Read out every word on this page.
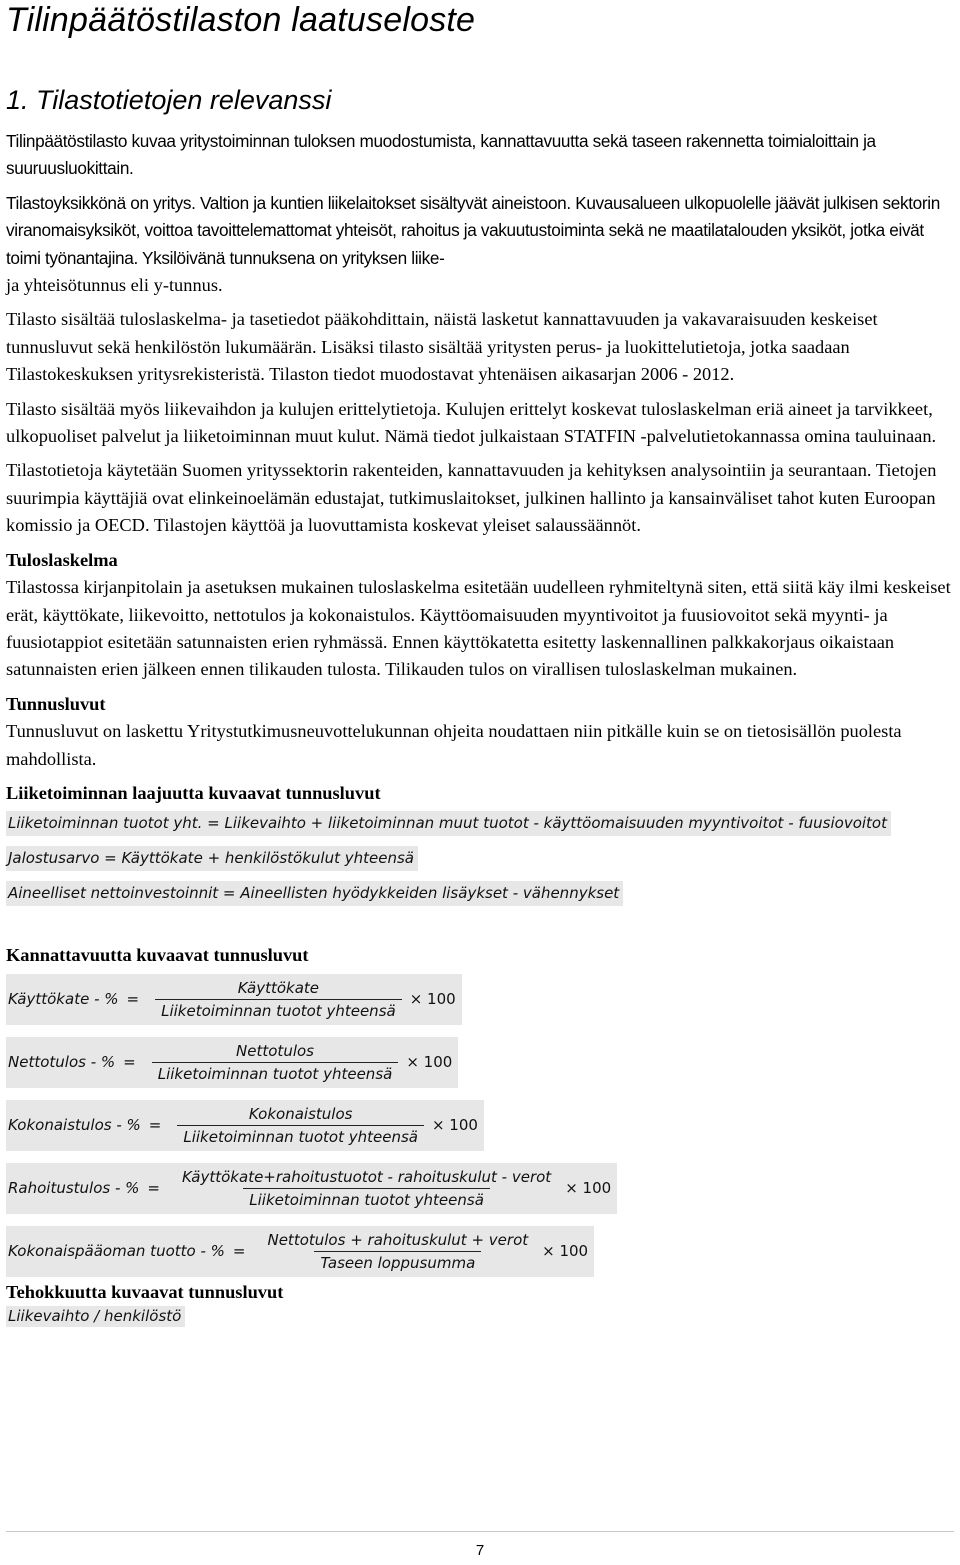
Tilinpäätöstilaston laatuseloste
1. Tilastotietojen relevanssi

Tilinpäätöstilasto kuvaa yritystoiminnan tuloksen muodostumista, kannattavuutta sekä taseen rakennetta toimialoittain ja suuruusluokittain.

Tilastoyksikkönä on yritys. Valtion ja kuntien liikelaitokset sisältyvät aineistoon. Kuvausalueen ulkopuolelle jäävät julkisen sektorin viranomaisyksiköt, voittoa tavoittelemattomat yhteisöt, rahoitus ja vakuutustoiminta sekä ne maatilatalouden yksiköt, jotka eivät toimi työnantajina. Yksilöivänä tunnuksena on yrityksen liike-
ja yhteisötunnus eli y-tunnus.

Tilasto sisältää tuloslaskelma- ja tasetiedot pääkohdittain, näistä lasketut kannattavuuden ja vakavaraisuuden keskeiset tunnusluvut sekä henkilöstön lukumäärän. Lisäksi tilasto sisältää yritysten perus- ja luokittelutietoja, jotka saadaan Tilastokeskuksen yritysrekisteristä. Tilaston tiedot muodostavat yhtenäisen aikasarjan 2006 - 2012.

Tilasto sisältää myös liikevaihdon ja kulujen erittelytietoja. Kulujen erittelyt koskevat tuloslaskelman eriä aineet ja tarvikkeet, ulkopuoliset palvelut ja liiketoiminnan muut kulut. Nämä tiedot julkaistaan STATFIN -palvelutietokannassa omina tauluinaan.

Tilastotietoja käytetään Suomen yrityssektorin rakenteiden, kannattavuuden ja kehityksen analysointiin ja seurantaan. Tietojen suurimpia käyttäjiä ovat elinkeinoelämän edustajat, tutkimuslaitokset, julkinen hallinto ja kansainväliset tahot kuten Euroopan komissio ja OECD. Tilastojen käyttöä ja luovuttamista koskevat yleiset salaussäännöt.

Tuloslaskelma

Tilastossa kirjanpitolain ja asetuksen mukainen tuloslaskelma esitetään uudelleen ryhmiteltynä siten, että siitä käy ilmi keskeiset erät, käyttökate, liikevoitto, nettotulos ja kokonaistulos. Käyttöomaisuuden myyntivoitot ja fuusiovoitot sekä myynti- ja fuusiotappiot esitetään satunnaisten erien ryhmässä. Ennen käyttökatetta esitetty laskennallinen palkkakorjaus oikaistaan satunnaisten erien jälkeen ennen tilikauden tulosta. Tilikauden tulos on virallisen tuloslaskelman mukainen.

Tunnusluvut

Tunnusluvut on laskettu Yritystutkimusneuvottelukunnan ohjeita noudattaen niin pitkälle kuin se on tietosisällön puolesta mahdollista.

Liiketoiminnan laajuutta kuvaavat tunnusluvut
Liiketoiminnan tuotot yht. = Liikevaihto + liiketoiminnan muut tuotot - käyttöomaisuuden myyntivoitot - fuusiovoitot
Jalostusarvo = Käyttökate + henkilöstökulut yhteensä
Aineelliset nettoinvestoinnit = Aineellisten hyödykkeiden lisäykset - vähennykset
Kannattavuutta kuvaavat tunnusluvut
Käyttökate - % = $\frac{\text{Käyttökate}}{\text{Liiketoiminnan tuotot yhteensä}} \times 100$

Nettotulos - % = $\frac{\text{Nettotulos}}{\text{Liiketoiminnan tuotot yhteensä}} \times 100$

Kokonaistulos - % = $\frac{\text{Kokonaistulos}}{\text{Liiketoiminnan tuotot yhteensä}} \times 100$

Rahoitustulos - % = $\frac{\text{Käyttökate+rahoitustuotot - rahoituskulut - verot}}{\text{Liiketoiminnan tuotot yhteensä}} \times 100$

Kokonaispääoman tuotto - % = $\frac{\text{Nettotulos + rahoituskulut + verot}}{\text{Taseen loppusumma}} \times 100$
Tehokkuutta kuvaavat tunnusluvut
Liikevaihto / henkilöstö
7
